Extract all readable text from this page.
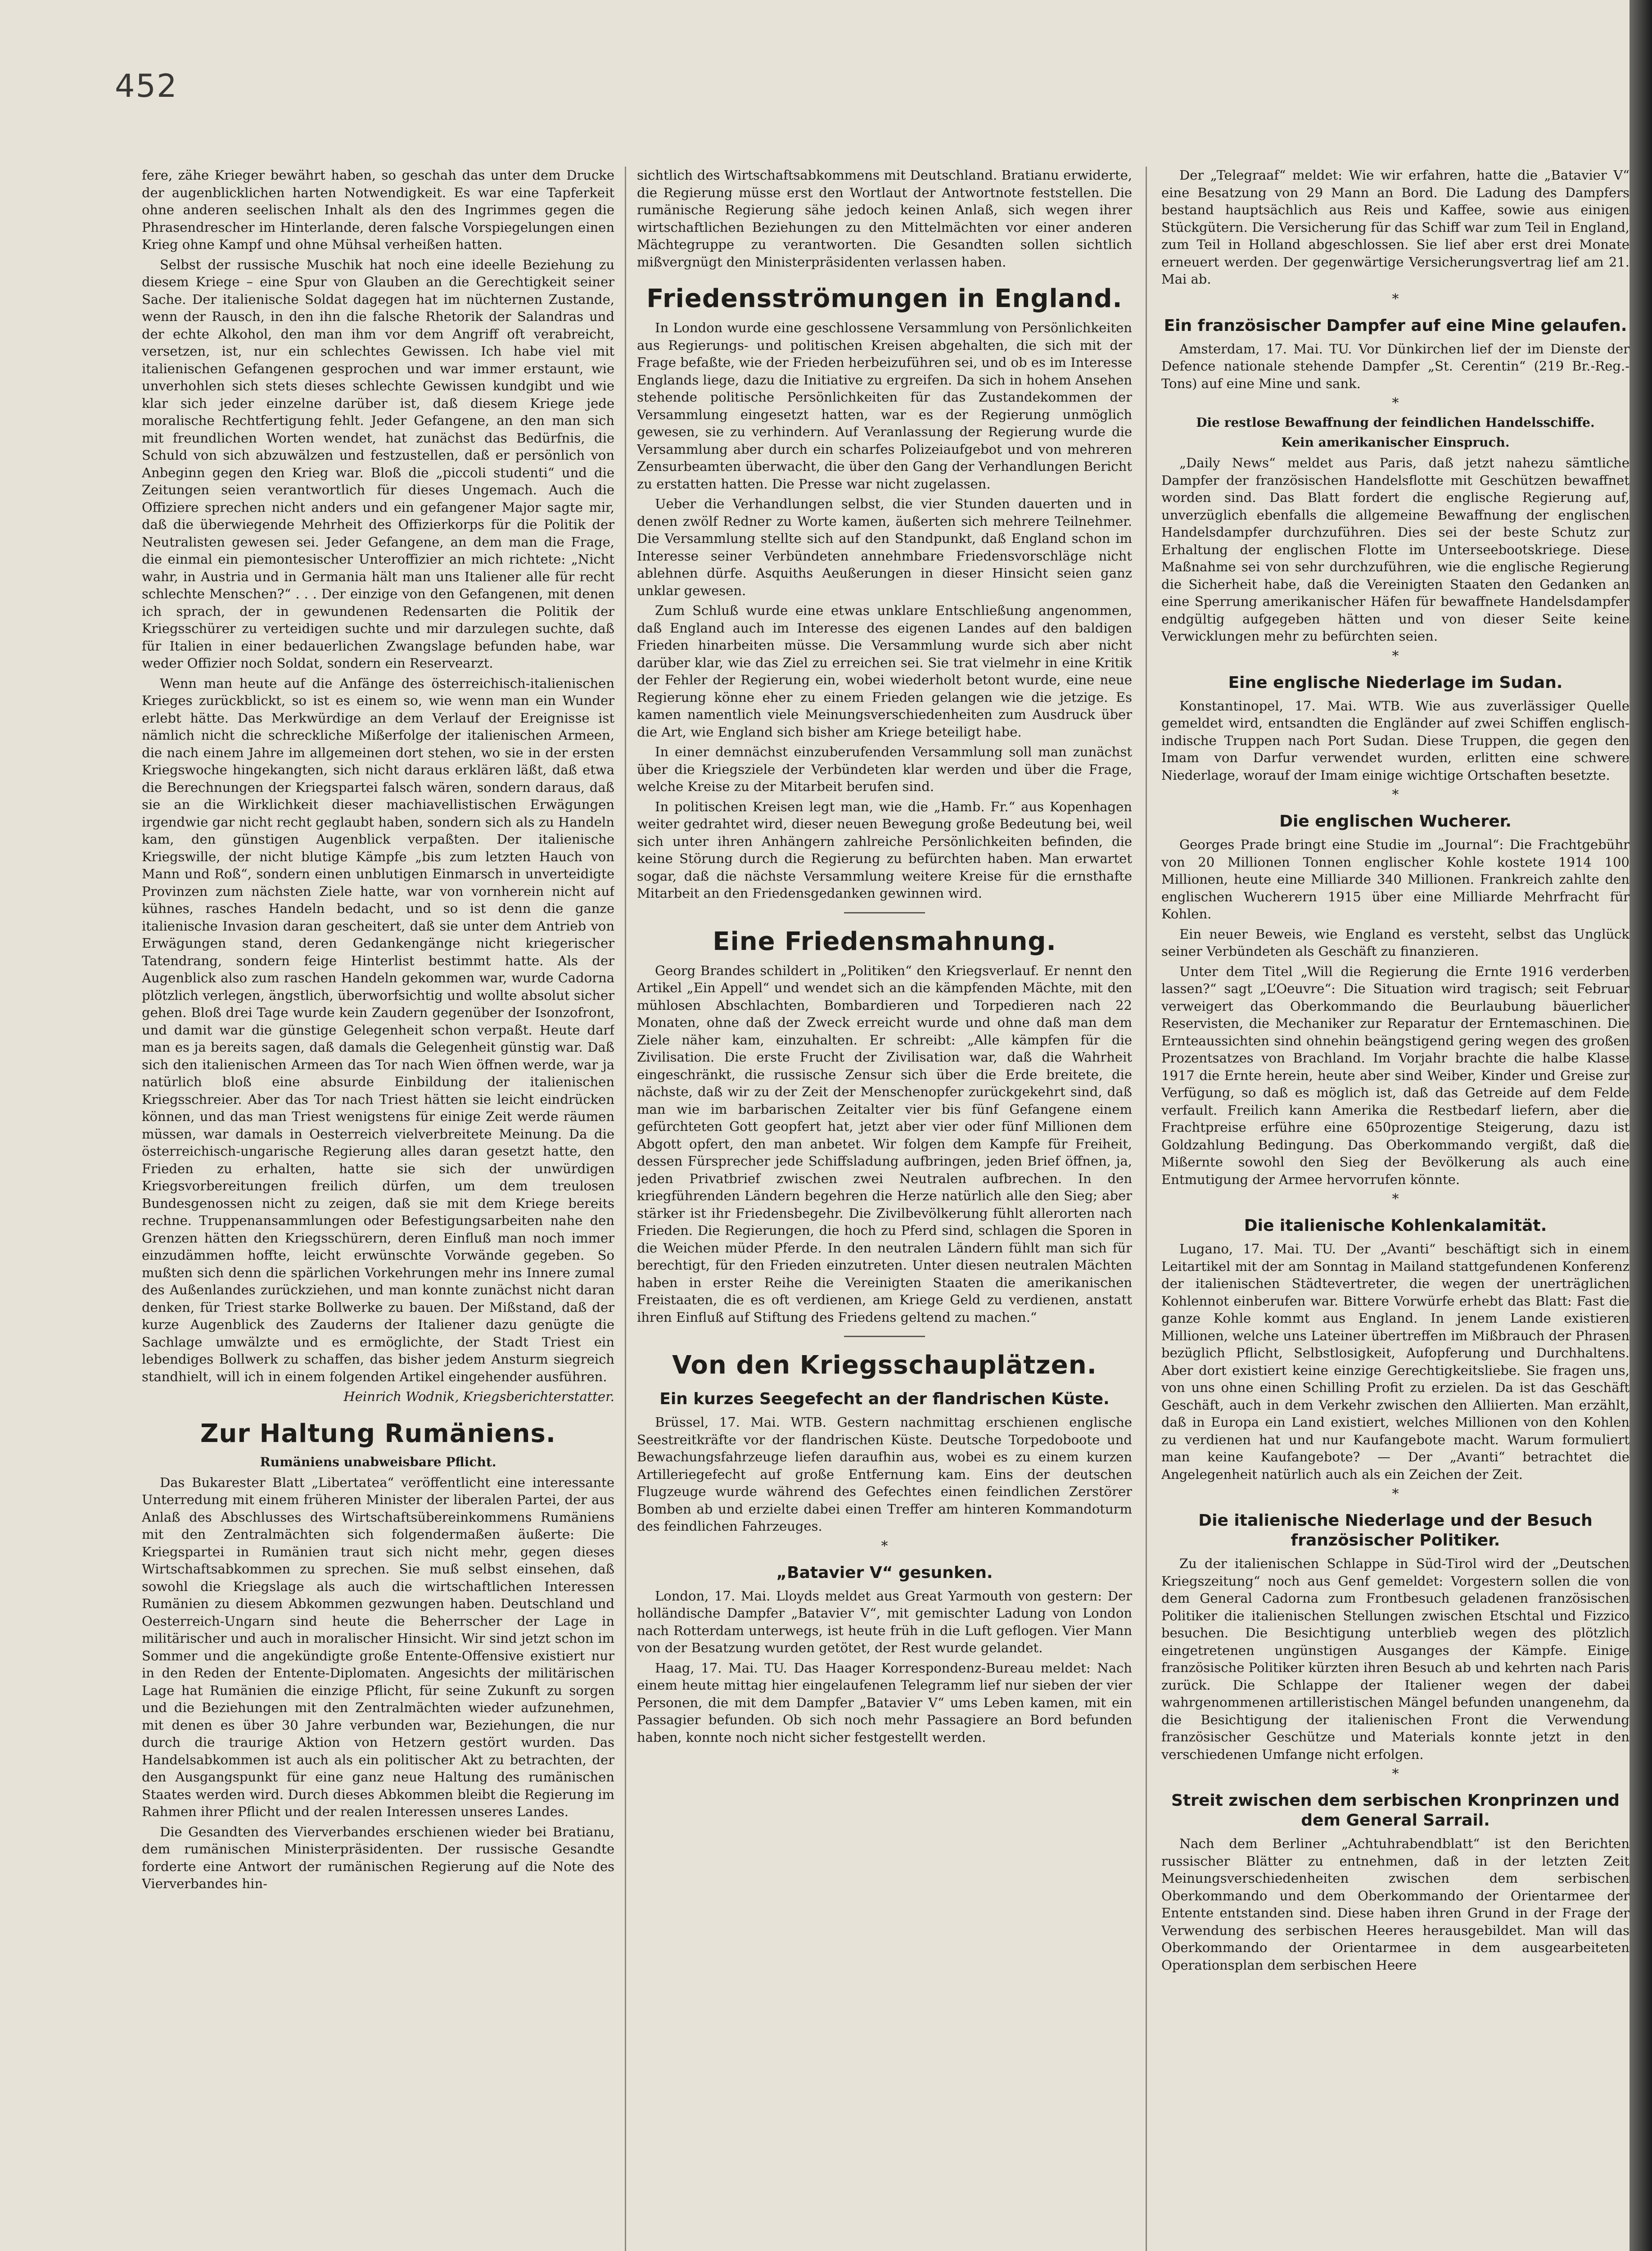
452

fere, zähe Krieger bewährt haben, so geschah das unter dem Drucke der augenblicklichen harten Notwendigkeit. Es war eine Tapferkeit ohne anderen seelischen Inhalt als den des Ingrimmes gegen die Phrasendrescher im Hinterlande, deren falsche Vorspiegelungen einen Krieg ohne Kampf und ohne Mühsal verheißen hatten.

Selbst der russische Muschik hat noch eine ideelle Beziehung zu diesem Kriege – eine Spur von Glauben an die Gerechtigkeit seiner Sache. Der italienische Soldat dagegen hat im nüchternen Zustande, wenn der Rausch, in den ihn die falsche Rhetorik der Salandras und der echte Alkohol, den man ihm vor dem Angriff oft verabreicht, versetzen, ist, nur ein schlechtes Gewissen. Ich habe viel mit italienischen Gefangenen gesprochen und war immer erstaunt, wie unverhohlen sich stets dieses schlechte Gewissen kundgibt und wie klar sich jeder einzelne darüber ist, daß diesem Kriege jede moralische Rechtfertigung fehlt. Jeder Gefangene, an den man sich mit freundlichen Worten wendet, hat zunächst das Bedürfnis, die Schuld von sich abzuwälzen und festzustellen, daß er persönlich von Anbeginn gegen den Krieg war. Bloß die „piccoli studenti“ und die Zeitungen seien verantwortlich für dieses Ungemach. Auch die Offiziere sprechen nicht anders und ein gefangener Major sagte mir, daß die überwiegende Mehrheit des Offizierkorps für die Politik der Neutralisten gewesen sei. Jeder Gefangene, an dem man die Frage, die einmal ein piemontesischer Unteroffizier an mich richtete: „Nicht wahr, in Austria und in Germania hält man uns Italiener alle für recht schlechte Menschen?“ . . . Der einzige von den Gefangenen, mit denen ich sprach, der in gewundenen Redensarten die Politik der Kriegsschürer zu verteidigen suchte und mir darzulegen suchte, daß für Italien in einer bedauerlichen Zwangslage befunden habe, war weder Offizier noch Soldat, sondern ein Reservearzt.

Wenn man heute auf die Anfänge des österreichisch-italienischen Krieges zurückblickt, so ist es einem so, wie wenn man ein Wunder erlebt hätte. Das Merkwürdige an dem Verlauf der Ereignisse ist nämlich nicht die schreckliche Mißerfolge der italienischen Armeen, die nach einem Jahre im allgemeinen dort stehen, wo sie in der ersten Kriegswoche hingekangten, sich nicht daraus erklären läßt, daß etwa die Berechnungen der Kriegspartei falsch wären, sondern daraus, daß sie an die Wirklichkeit dieser machiavellistischen Erwägungen irgendwie gar nicht recht geglaubt haben, sondern sich als zu Handeln kam, den günstigen Augenblick verpaßten. Der italienische Kriegswille, der nicht blutige Kämpfe „bis zum letzten Hauch von Mann und Roß“, sondern einen unblutigen Einmarsch in unverteidigte Provinzen zum nächsten Ziele hatte, war von vornherein nicht auf kühnes, rasches Handeln bedacht, und so ist denn die ganze italienische Invasion daran gescheitert, daß sie unter dem Antrieb von Erwägungen stand, deren Gedankengänge nicht kriegerischer Tatendrang, sondern feige Hinterlist bestimmt hatte. Als der Augenblick also zum raschen Handeln gekommen war, wurde Cadorna plötzlich verlegen, ängstlich, überworfsichtig und wollte absolut sicher gehen. Bloß drei Tage wurde kein Zaudern gegenüber der Isonzofront, und damit war die günstige Gelegenheit schon verpaßt. Heute darf man es ja bereits sagen, daß damals die Gelegenheit günstig war. Daß sich den italienischen Armeen das Tor nach Wien öffnen werde, war ja natürlich bloß eine absurde Einbildung der italienischen Kriegsschreier. Aber das Tor nach Triest hätten sie leicht eindrücken können, und das man Triest wenigstens für einige Zeit werde räumen müssen, war damals in Oesterreich vielverbreitete Meinung. Da die österreichisch-ungarische Regierung alles daran gesetzt hatte, den Frieden zu erhalten, hatte sie sich der unwürdigen Kriegsvorbereitungen freilich dürfen, um dem treulosen Bundesgenossen nicht zu zeigen, daß sie mit dem Kriege bereits rechne. Truppenansammlungen oder Befestigungsarbeiten nahe den Grenzen hätten den Kriegsschürern, deren Einfluß man noch immer einzudämmen hoffte, leicht erwünschte Vorwände gegeben. So mußten sich denn die spärlichen Vorkehrungen mehr ins Innere zumal des Außenlandes zurückziehen, und man konnte zunächst nicht daran denken, für Triest starke Bollwerke zu bauen. Der Mißstand, daß der kurze Augenblick des Zauderns der Italiener dazu genügte die Sachlage umwälzte und es ermöglichte, der Stadt Triest ein lebendiges Bollwerk zu schaffen, das bisher jedem Ansturm siegreich standhielt, will ich in einem folgenden Artikel eingehender ausführen.

Heinrich Wodnik, Kriegsberichterstatter.

Zur Haltung Rumäniens.
Rumäniens unabweisbare Pflicht.

Das Bukarester Blatt „Libertatea“ veröffentlicht eine interessante Unterredung mit einem früheren Minister der liberalen Partei, der aus Anlaß des Abschlusses des Wirtschaftsübereinkommens Rumäniens mit den Zentralmächten sich folgendermaßen äußerte: Die Kriegspartei in Rumänien traut sich nicht mehr, gegen dieses Wirtschaftsabkommen zu sprechen. Sie muß selbst einsehen, daß sowohl die Kriegslage als auch die wirtschaftlichen Interessen Rumänien zu diesem Abkommen gezwungen haben. Deutschland und Oesterreich-Ungarn sind heute die Beherrscher der Lage in militärischer und auch in moralischer Hinsicht. Wir sind jetzt schon im Sommer und die angekündigte große Entente-Offensive existiert nur in den Reden der Entente-Diplomaten. Angesichts der militärischen Lage hat Rumänien die einzige Pflicht, für seine Zukunft zu sorgen und die Beziehungen mit den Zentralmächten wieder aufzunehmen, mit denen es über 30 Jahre verbunden war, Beziehungen, die nur durch die traurige Aktion von Hetzern gestört wurden. Das Handelsabkommen ist auch als ein politischer Akt zu betrachten, der den Ausgangspunkt für eine ganz neue Haltung des rumänischen Staates werden wird. Durch dieses Abkommen bleibt die Regierung im Rahmen ihrer Pflicht und der realen Interessen unseres Landes.

Die Gesandten des Vierverbandes erschienen wieder bei Bratianu, dem rumänischen Ministerpräsidenten. Der russische Gesandte forderte eine Antwort der rumänischen Regierung auf die Note des Vierverbandes hin-

sichtlich des Wirtschaftsabkommens mit Deutschland. Bratianu erwiderte, die Regierung müsse erst den Wortlaut der Antwortnote feststellen. Die rumänische Regierung sähe jedoch keinen Anlaß, sich wegen ihrer wirtschaftlichen Beziehungen zu den Mittelmächten vor einer anderen Mächtegruppe zu verantworten. Die Gesandten sollen sichtlich mißvergnügt den Ministerpräsidenten verlassen haben.

Friedensströmungen in England.

In London wurde eine geschlossene Versammlung von Persönlichkeiten aus Regierungs- und politischen Kreisen abgehalten, die sich mit der Frage befaßte, wie der Frieden herbeizuführen sei, und ob es im Interesse Englands liege, dazu die Initiative zu ergreifen. Da sich in hohem Ansehen stehende politische Persönlichkeiten für das Zustandekommen der Versammlung eingesetzt hatten, war es der Regierung unmöglich gewesen, sie zu verhindern. Auf Veranlassung der Regierung wurde die Versammlung aber durch ein scharfes Polizeiaufgebot und von mehreren Zensurbeamten überwacht, die über den Gang der Verhandlungen Bericht zu erstatten hatten. Die Presse war nicht zugelassen.

Ueber die Verhandlungen selbst, die vier Stunden dauerten und in denen zwölf Redner zu Worte kamen, äußerten sich mehrere Teilnehmer. Die Versammlung stellte sich auf den Standpunkt, daß England schon im Interesse seiner Verbündeten annehmbare Friedensvorschläge nicht ablehnen dürfe. Asquiths Aeußerungen in dieser Hinsicht seien ganz unklar gewesen.

Zum Schluß wurde eine etwas unklare Entschließung angenommen, daß England auch im Interesse des eigenen Landes auf den baldigen Frieden hinarbeiten müsse. Die Versammlung wurde sich aber nicht darüber klar, wie das Ziel zu erreichen sei. Sie trat vielmehr in eine Kritik der Fehler der Regierung ein, wobei wiederholt betont wurde, eine neue Regierung könne eher zu einem Frieden gelangen wie die jetzige. Es kamen namentlich viele Meinungsverschiedenheiten zum Ausdruck über die Art, wie England sich bisher am Kriege beteiligt habe.

In einer demnächst einzuberufenden Versammlung soll man zunächst über die Kriegsziele der Verbündeten klar werden und über die Frage, welche Kreise zu der Mitarbeit berufen sind.

In politischen Kreisen legt man, wie die „Hamb. Fr.“ aus Kopenhagen weiter gedrahtet wird, dieser neuen Bewegung große Bedeutung bei, weil sich unter ihren Anhängern zahlreiche Persönlichkeiten befinden, die keine Störung durch die Regierung zu befürchten haben. Man erwartet sogar, daß die nächste Versammlung weitere Kreise für die ernsthafte Mitarbeit an den Friedensgedanken gewinnen wird.

Eine Friedensmahnung.

Georg Brandes schildert in „Politiken“ den Kriegsverlauf. Er nennt den Artikel „Ein Appell“ und wendet sich an die kämpfenden Mächte, mit den mühlosen Abschlachten, Bombardieren und Torpedieren nach 22 Monaten, ohne daß der Zweck erreicht wurde und ohne daß man dem Ziele näher kam, einzuhalten. Er schreibt: „Alle kämpfen für die Zivilisation. Die erste Frucht der Zivilisation war, daß die Wahrheit eingeschränkt, die russische Zensur sich über die Erde breitete, die nächste, daß wir zu der Zeit der Menschenopfer zurückgekehrt sind, daß man wie im barbarischen Zeitalter vier bis fünf Gefangene einem gefürchteten Gott geopfert hat, jetzt aber vier oder fünf Millionen dem Abgott opfert, den man anbetet. Wir folgen dem Kampfe für Freiheit, dessen Fürsprecher jede Schiffsladung aufbringen, jeden Brief öffnen, ja, jeden Privatbrief zwischen zwei Neutralen aufbrechen. In den kriegführenden Ländern begehren die Herze natürlich alle den Sieg; aber stärker ist ihr Friedensbegehr. Die Zivilbevölkerung fühlt allerorten nach Frieden. Die Regierungen, die hoch zu Pferd sind, schlagen die Sporen in die Weichen müder Pferde. In den neutralen Ländern fühlt man sich für berechtigt, für den Frieden einzutreten. Unter diesen neutralen Mächten haben in erster Reihe die Vereinigten Staaten die amerikanischen Freistaaten, die es oft verdienen, am Kriege Geld zu verdienen, anstatt ihren Einfluß auf Stiftung des Friedens geltend zu machen.“

Von den Kriegsschauplätzen.
Ein kurzes Seegefecht an der flandrischen Küste.

Brüssel, 17. Mai. WTB. Gestern nachmittag erschienen englische Seestreitkräfte vor der flandrischen Küste. Deutsche Torpedoboote und Bewachungsfahrzeuge liefen daraufhin aus, wobei es zu einem kurzen Artilleriegefecht auf große Entfernung kam. Eins der deutschen Flugzeuge wurde während des Gefechtes einen feindlichen Zerstörer Bomben ab und erzielte dabei einen Treffer am hinteren Kommandoturm des feindlichen Fahrzeuges.

*
„Batavier V“ gesunken.

London, 17. Mai. Lloyds meldet aus Great Yarmouth von gestern: Der holländische Dampfer „Batavier V“, mit gemischter Ladung von London nach Rotterdam unterwegs, ist heute früh in die Luft geflogen. Vier Mann von der Besatzung wurden getötet, der Rest wurde gelandet.

Haag, 17. Mai. TU. Das Haager Korrespondenz-Bureau meldet: Nach einem heute mittag hier eingelaufenen Telegramm lief nur sieben der vier Personen, die mit dem Dampfer „Batavier V“ ums Leben kamen, mit ein Passagier befunden. Ob sich noch mehr Passagiere an Bord befunden haben, konnte noch nicht sicher festgestellt werden.

Der „Telegraaf“ meldet: Wie wir erfahren, hatte die „Batavier V“ eine Besatzung von 29 Mann an Bord. Die Ladung des Dampfers bestand hauptsächlich aus Reis und Kaffee, sowie aus einigen Stückgütern. Die Versicherung für das Schiff war zum Teil in England, zum Teil in Holland abgeschlossen. Sie lief aber erst drei Monate erneuert werden. Der gegenwärtige Versicherungsvertrag lief am 21. Mai ab.

*
Ein französischer Dampfer auf eine Mine gelaufen.

Amsterdam, 17. Mai. TU. Vor Dünkirchen lief der im Dienste der Defence nationale stehende Dampfer „St. Cerentin“ (219 Br.-Reg.-Tons) auf eine Mine und sank.

*
Die restlose Bewaffnung der feindlichen Handelsschiffe.
Kein amerikanischer Einspruch.

„Daily News“ meldet aus Paris, daß jetzt nahezu sämtliche Dampfer der französischen Handelsflotte mit Geschützen bewaffnet worden sind. Das Blatt fordert die englische Regierung auf, unverzüglich ebenfalls die allgemeine Bewaffnung der englischen Handelsdampfer durchzuführen. Dies sei der beste Schutz zur Erhaltung der englischen Flotte im Unterseebootskriege. Diese Maßnahme sei von sehr durchzuführen, wie die englische Regierung die Sicherheit habe, daß die Vereinigten Staaten den Gedanken an eine Sperrung amerikanischer Häfen für bewaffnete Handelsdampfer endgültig aufgegeben hätten und von dieser Seite keine Verwicklungen mehr zu befürchten seien.

*
Eine englische Niederlage im Sudan.

Konstantinopel, 17. Mai. WTB. Wie aus zuverlässiger Quelle gemeldet wird, entsandten die Engländer auf zwei Schiffen englisch-indische Truppen nach Port Sudan. Diese Truppen, die gegen den Imam von Darfur verwendet wurden, erlitten eine schwere Niederlage, worauf der Imam einige wichtige Ortschaften besetzte.

*
Die englischen Wucherer.

Georges Prade bringt eine Studie im „Journal“: Die Frachtgebühr von 20 Millionen Tonnen englischer Kohle kostete 1914 100 Millionen, heute eine Milliarde 340 Millionen. Frankreich zahlte den englischen Wucherern 1915 über eine Milliarde Mehrfracht für Kohlen.

Ein neuer Beweis, wie England es versteht, selbst das Unglück seiner Verbündeten als Geschäft zu finanzieren.

Unter dem Titel „Will die Regierung die Ernte 1916 verderben lassen?“ sagt „L’Oeuvre“: Die Situation wird tragisch; seit Februar verweigert das Oberkommando die Beurlaubung bäuerlicher Reservisten, die Mechaniker zur Reparatur der Erntemaschinen. Die Ernteaussichten sind ohnehin beängstigend gering wegen des großen Prozentsatzes von Brachland. Im Vorjahr brachte die halbe Klasse 1917 die Ernte herein, heute aber sind Weiber, Kinder und Greise zur Verfügung, so daß es möglich ist, daß das Getreide auf dem Felde verfault. Freilich kann Amerika die Restbedarf liefern, aber die Frachtpreise erführe eine 650prozentige Steigerung, dazu ist Goldzahlung Bedingung. Das Oberkommando vergißt, daß die Mißernte sowohl den Sieg der Bevölkerung als auch eine Entmutigung der Armee hervorrufen könnte.

*
Die italienische Kohlenkalamität.

Lugano, 17. Mai. TU. Der „Avanti“ beschäftigt sich in einem Leitartikel mit der am Sonntag in Mailand stattgefundenen Konferenz der italienischen Städtevertreter, die wegen der unerträglichen Kohlennot einberufen war. Bittere Vorwürfe erhebt das Blatt: Fast die ganze Kohle kommt aus England. In jenem Lande existieren Millionen, welche uns Lateiner übertreffen im Mißbrauch der Phrasen bezüglich Pflicht, Selbstlosigkeit, Aufopferung und Durchhaltens. Aber dort existiert keine einzige Gerechtigkeitsliebe. Sie fragen uns, von uns ohne einen Schilling Profit zu erzielen. Da ist das Geschäft Geschäft, auch in dem Verkehr zwischen den Alliierten. Man erzählt, daß in Europa ein Land existiert, welches Millionen von den Kohlen zu verdienen hat und nur Kaufangebote macht. Warum formuliert man keine Kaufangebote? — Der „Avanti“ betrachtet die Angelegenheit natürlich auch als ein Zeichen der Zeit.

*
Die italienische Niederlage und der Besuch französischer Politiker.

Zu der italienischen Schlappe in Süd-Tirol wird der „Deutschen Kriegszeitung“ noch aus Genf gemeldet: Vorgestern sollen die von dem General Cadorna zum Frontbesuch geladenen französischen Politiker die italienischen Stellungen zwischen Etschtal und Fizzico besuchen. Die Besichtigung unterblieb wegen des plötzlich eingetretenen ungünstigen Ausganges der Kämpfe. Einige französische Politiker kürzten ihren Besuch ab und kehrten nach Paris zurück. Die Schlappe der Italiener wegen der dabei wahrgenommenen artilleristischen Mängel befunden unangenehm, da die Besichtigung der italienischen Front die Verwendung französischer Geschütze und Materials konnte jetzt in den verschiedenen Umfange nicht erfolgen.

*
Streit zwischen dem serbischen Kronprinzen und dem General Sarrail.

Nach dem Berliner „Achtuhrabendblatt“ ist den Berichten russischer Blätter zu entnehmen, daß in der letzten Zeit Meinungsverschiedenheiten zwischen dem serbischen Oberkommando und dem Oberkommando der Orientarmee der Entente entstanden sind. Diese haben ihren Grund in der Frage der Verwendung des serbischen Heeres herausgebildet. Man will das Oberkommando der Orientarmee in dem ausgearbeiteten Operationsplan dem serbischen Heere
